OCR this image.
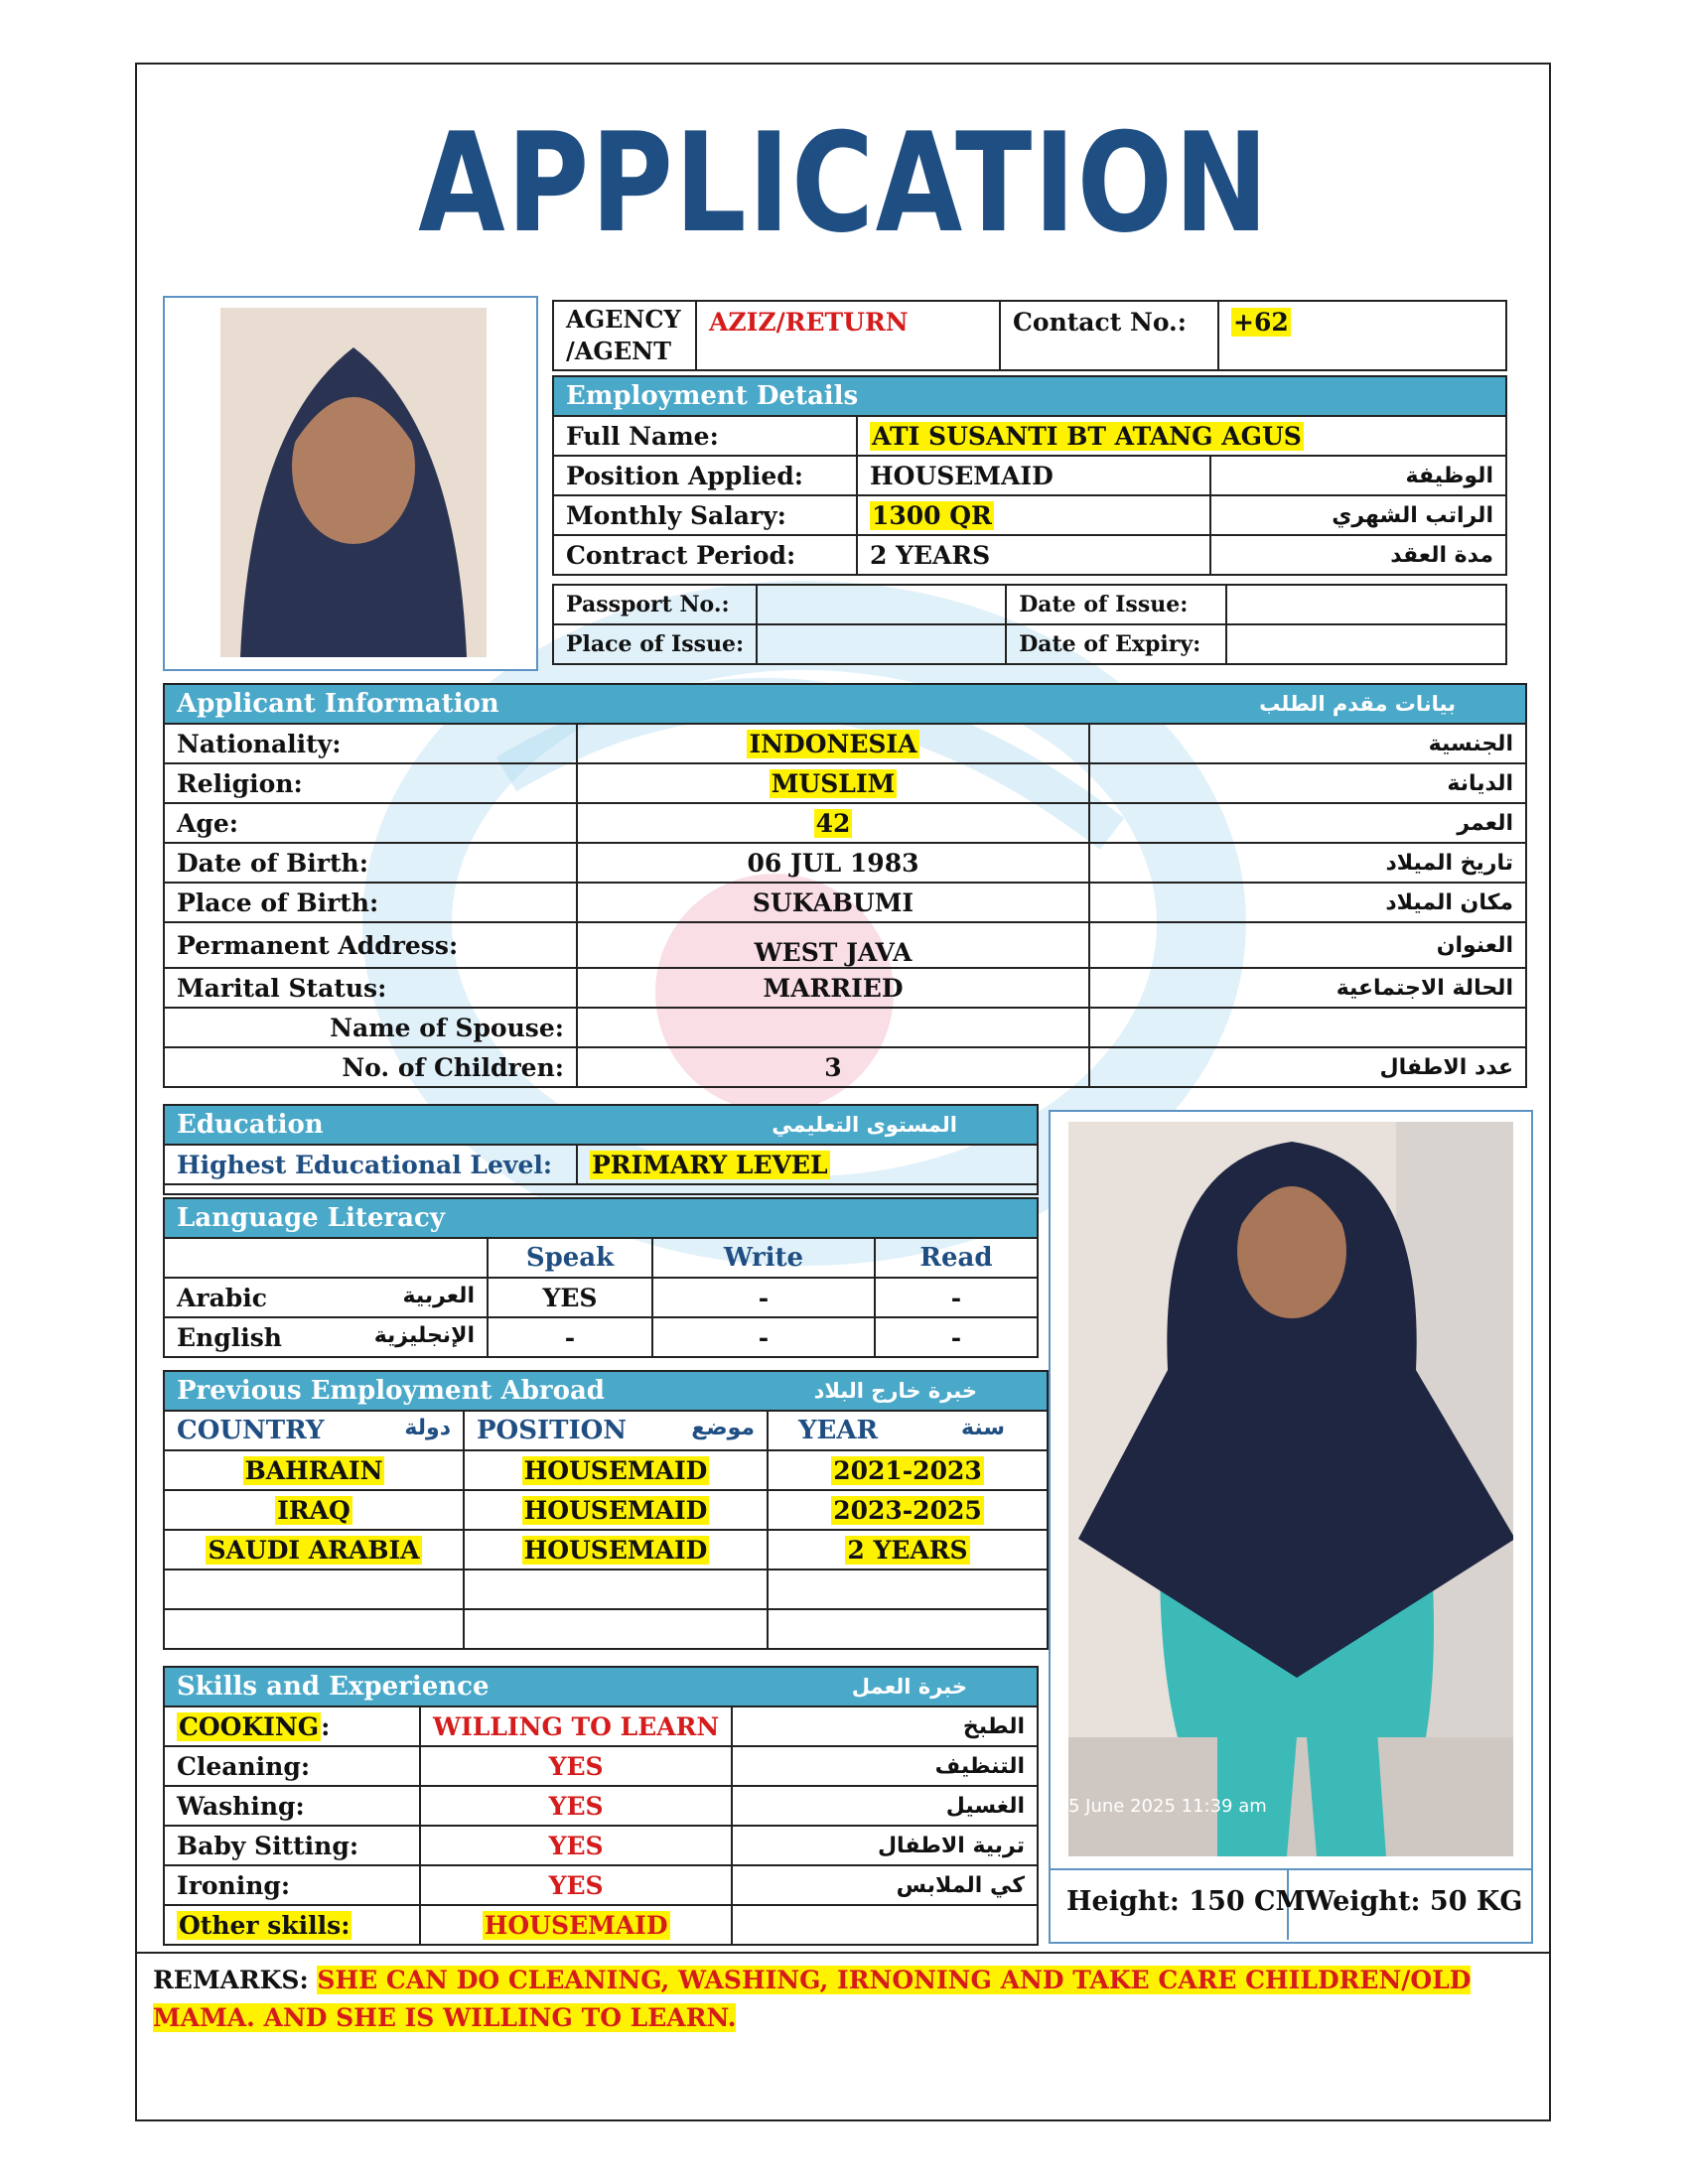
APPLICATION
AGENCY /AGENT	AZIZ/RETURN	Contact No.:	+62
Employment Details		
Full Name:	ATI SUSANTI BT ATANG AGUS	
Position Applied:	HOUSEMAID	الوظيفة
Monthly Salary:	1300 QR	الراتب الشهري
Contract Period:	2 YEARS	مدة العقد
Passport No.:		Date of Issue:	
Place of Issue:		Date of Expiry:	
Applicant Information		بيانات مقدم الطلب
Nationality:	INDONESIA	الجنسية
Religion:	MUSLIM	الديانة
Age:	42	العمر
Date of Birth:	06 JUL 1983	تاريخ الميلاد
Place of Birth:	SUKABUMI	مكان الميلاد
Permanent Address:	WEST JAVA	العنوان
Marital Status:	MARRIED	الحالة الاجتماعية
Name of Spouse:		
No. of Children:	3	عدد الاطفال
Education	المستوى التعليمي
Highest Educational Level:	PRIMARY LEVEL

Language Literacy			
	Speak	Write	Read
Arabic العربية	YES	-	-
English الإنجليزية	-	-	-
Previous Employment Abroad		خبرة خارج البلاد
COUNTRY دولة	POSITION موضع	YEAR سنة

BAHRAIN	HOUSEMAID	2021-2023
IRAQ	HOUSEMAID	2023-2025
SAUDI ARABIA	HOUSEMAID	2 YEARS

Skills and Experience		خبرة العمل
COOKING:	WILLING TO LEARN	الطبخ
Cleaning:	YES	التنظيف
Washing:	YES	الغسيل
Baby Sitting:	YES	تربية الاطفال
Ironing:	YES	كي الملابس
Other skills:	HOUSEMAID	
5 June 2025 11:39 am
Height: 150 CM Weight: 50 KG
REMARKS: SHE CAN DO CLEANING, WASHING, IRNONING AND TAKE CARE CHILDREN/OLD MAMA. AND SHE IS WILLING TO LEARN.
